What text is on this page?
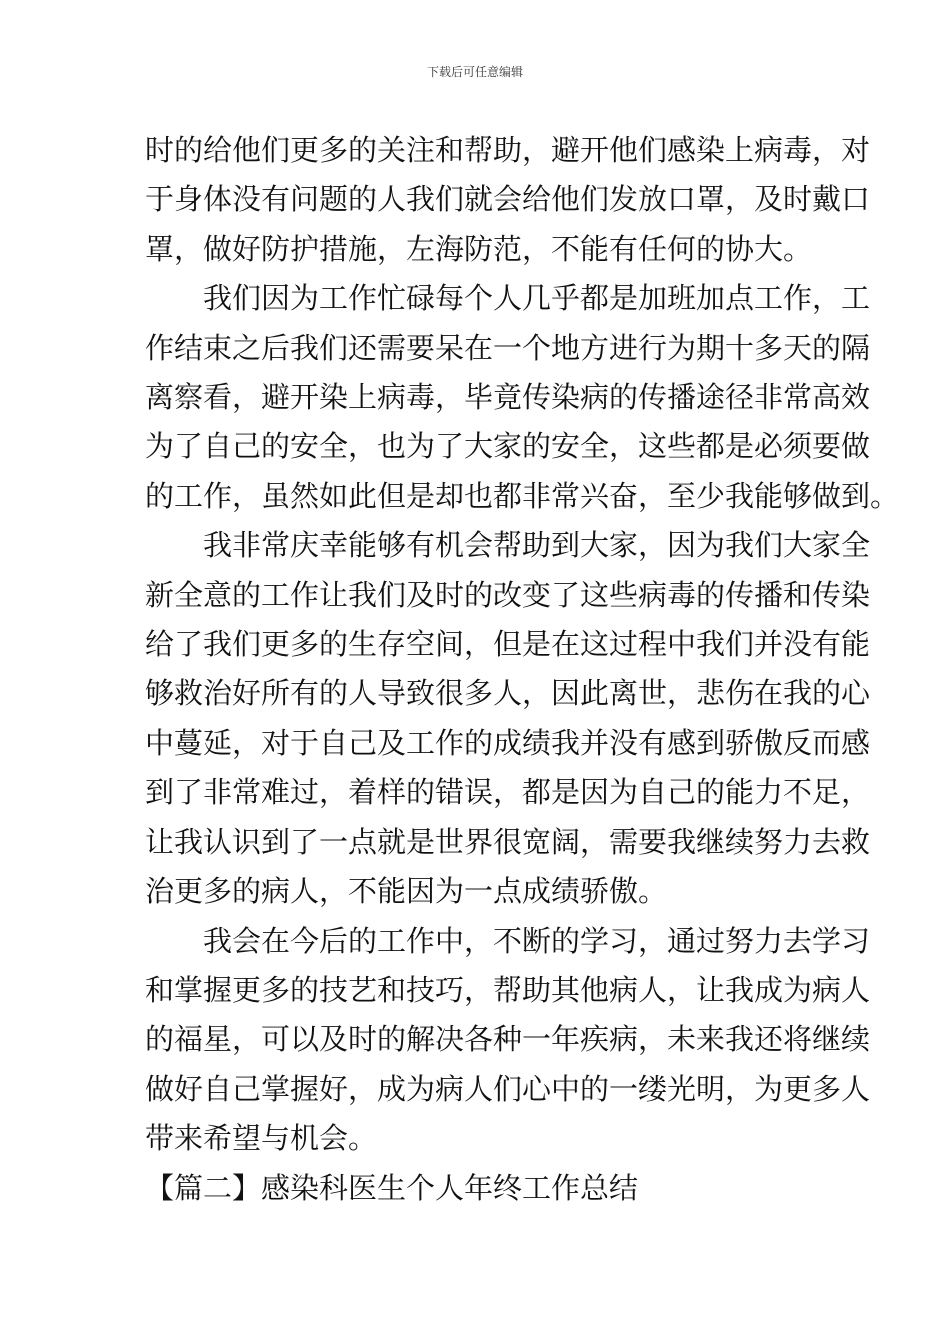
下载后可任意编辑
时的给他们更多的关注和帮助，避开他们感染上病毒，对
于身体没有问题的人我们就会给他们发放口罩，及时戴口
罩，做好防护措施，左海防范，不能有任何的协大。
我们因为工作忙碌每个人几乎都是加班加点工作，工
作结束之后我们还需要呆在一个地方进行为期十多天的隔
离察看，避开染上病毒，毕竟传染病的传播途径非常高效
为了自己的安全，也为了大家的安全，这些都是必须要做
的工作，虽然如此但是却也都非常兴奋，至少我能够做到。
我非常庆幸能够有机会帮助到大家，因为我们大家全
新全意的工作让我们及时的改变了这些病毒的传播和传染
给了我们更多的生存空间，但是在这过程中我们并没有能
够救治好所有的人导致很多人，因此离世，悲伤在我的心
中蔓延，对于自己及工作的成绩我并没有感到骄傲反而感
到了非常难过，着样的错误，都是因为自己的能力不足，
让我认识到了一点就是世界很宽阔，需要我继续努力去救
治更多的病人，不能因为一点成绩骄傲。
我会在今后的工作中，不断的学习，通过努力去学习
和掌握更多的技艺和技巧，帮助其他病人，让我成为病人
的福星，可以及时的解决各种一年疾病，未来我还将继续
做好自己掌握好，成为病人们心中的一缕光明，为更多人
带来希望与机会。
【篇二】感染科医生个人年终工作总结
